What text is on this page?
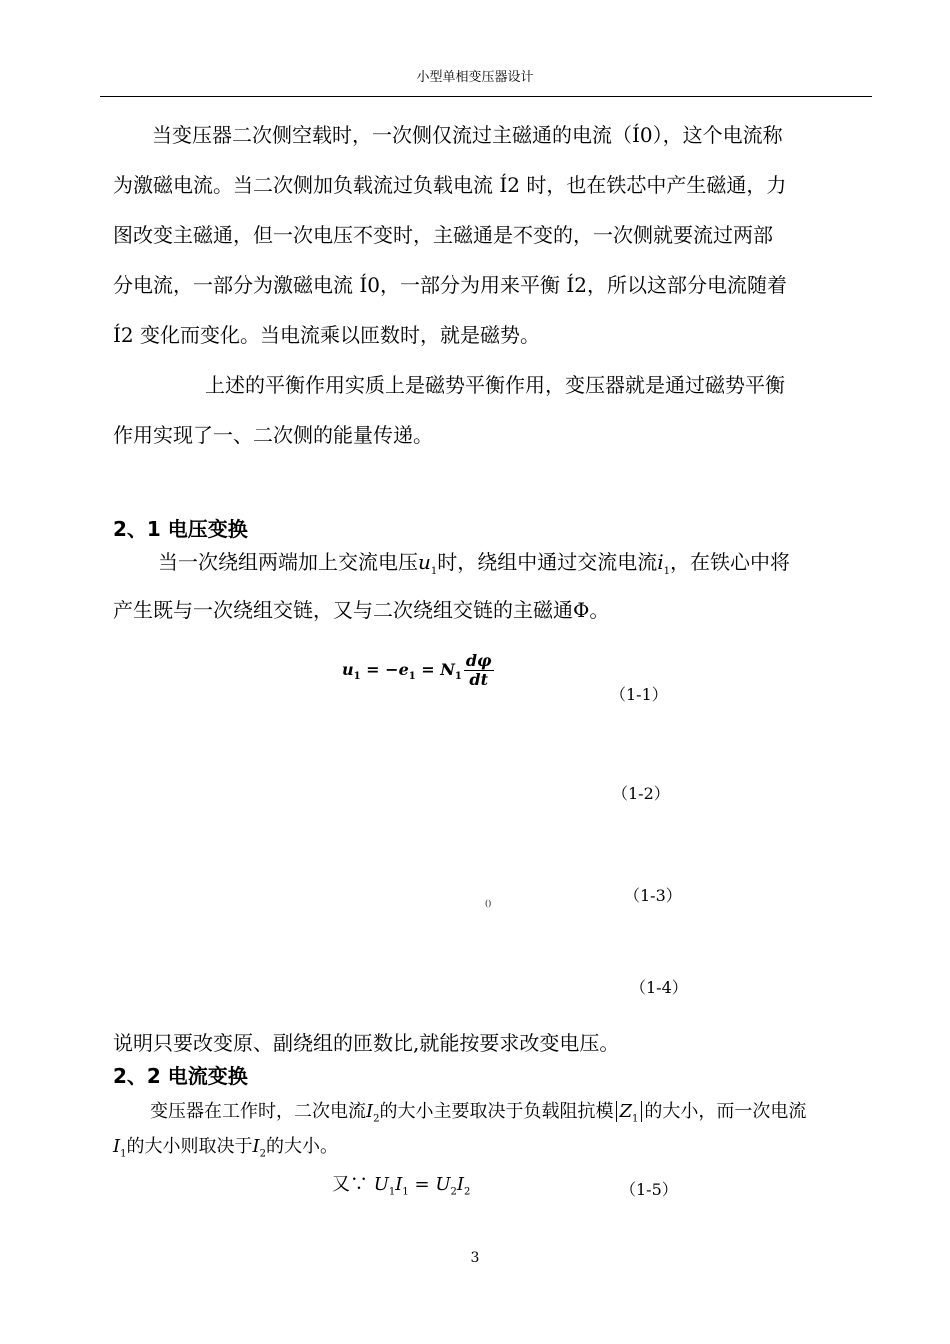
小型单相变压器设计
当变压器二次侧空载时，一次侧仅流过主磁通的电流（Í0），这个电流称
为激磁电流。当二次侧加负载流过负载电流 Í2 时，也在铁芯中产生磁通，力
图改变主磁通，但一次电压不变时，主磁通是不变的，一次侧就要流过两部
分电流，一部分为激磁电流 Í0，一部分为用来平衡 Í2，所以这部分电流随着
Í2 变化而变化。当电流乘以匝数时，就是磁势。
上述的平衡作用实质上是磁势平衡作用，变压器就是通过磁势平衡
作用实现了一、二次侧的能量传递。
2、1 电压变换
当一次绕组两端加上交流电压$u_1$时，绕组中通过交流电流$i_1$，在铁心中将
产生既与一次绕组交链，又与二次绕组交链的主磁通Φ。
$u_1 = -e_1 = N_1 \frac{d\varphi}{dt}$
（1-1）
（1-2）
()	（1-3）
（1-4）
说明只要改变原、副绕组的匝数比,就能按要求改变电压。
2、2 电流变换
变压器在工作时，二次电流$I_2$的大小主要取决于负载阻抗模 $Z_1$ 的大小，而一次电流
$I_1$的大小则取决于$I_2$的大小。
又∵ $U_1I_1 = U_2I_2$	（1-5）
3
